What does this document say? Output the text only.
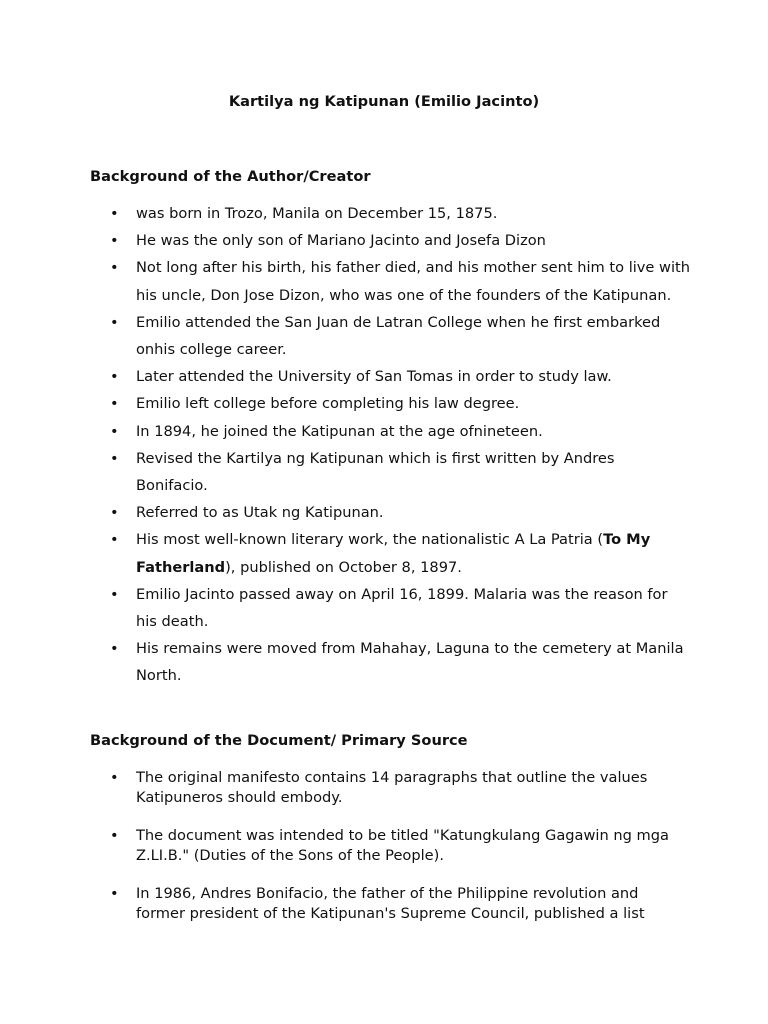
Kartilya ng Katipunan (Emilio Jacinto)
Background of the Author/Creator
• was born in Trozo, Manila on December 15, 1875.
• He was the only son of Mariano Jacinto and Josefa Dizon
• Not long after his birth, his father died, and his mother sent him to live with his uncle, Don Jose Dizon, who was one of the founders of the Katipunan.
• Emilio attended the San Juan de Latran College when he first embarked onhis college career.
• Later attended the University of San Tomas in order to study law.
• Emilio left college before completing his law degree.
• In 1894, he joined the Katipunan at the age ofnineteen.
• Revised the Kartilya ng Katipunan which is first written by Andres Bonifacio.
• Referred to as Utak ng Katipunan.
• His most well-known literary work, the nationalistic A La Patria (To My Fatherland), published on October 8, 1897.
• Emilio Jacinto passed away on April 16, 1899. Malaria was the reason for his death.
• His remains were moved from Mahahay, Laguna to the cemetery at Manila North.
Background of the Document/ Primary Source
• The original manifesto contains 14 paragraphs that outline the values Katipuneros should embody.
• The document was intended to be titled "Katungkulang Gagawin ng mga Z.LI.B." (Duties of the Sons of the People).
• In 1986, Andres Bonifacio, the father of the Philippine revolution and former president of the Katipunan's Supreme Council, published a list
